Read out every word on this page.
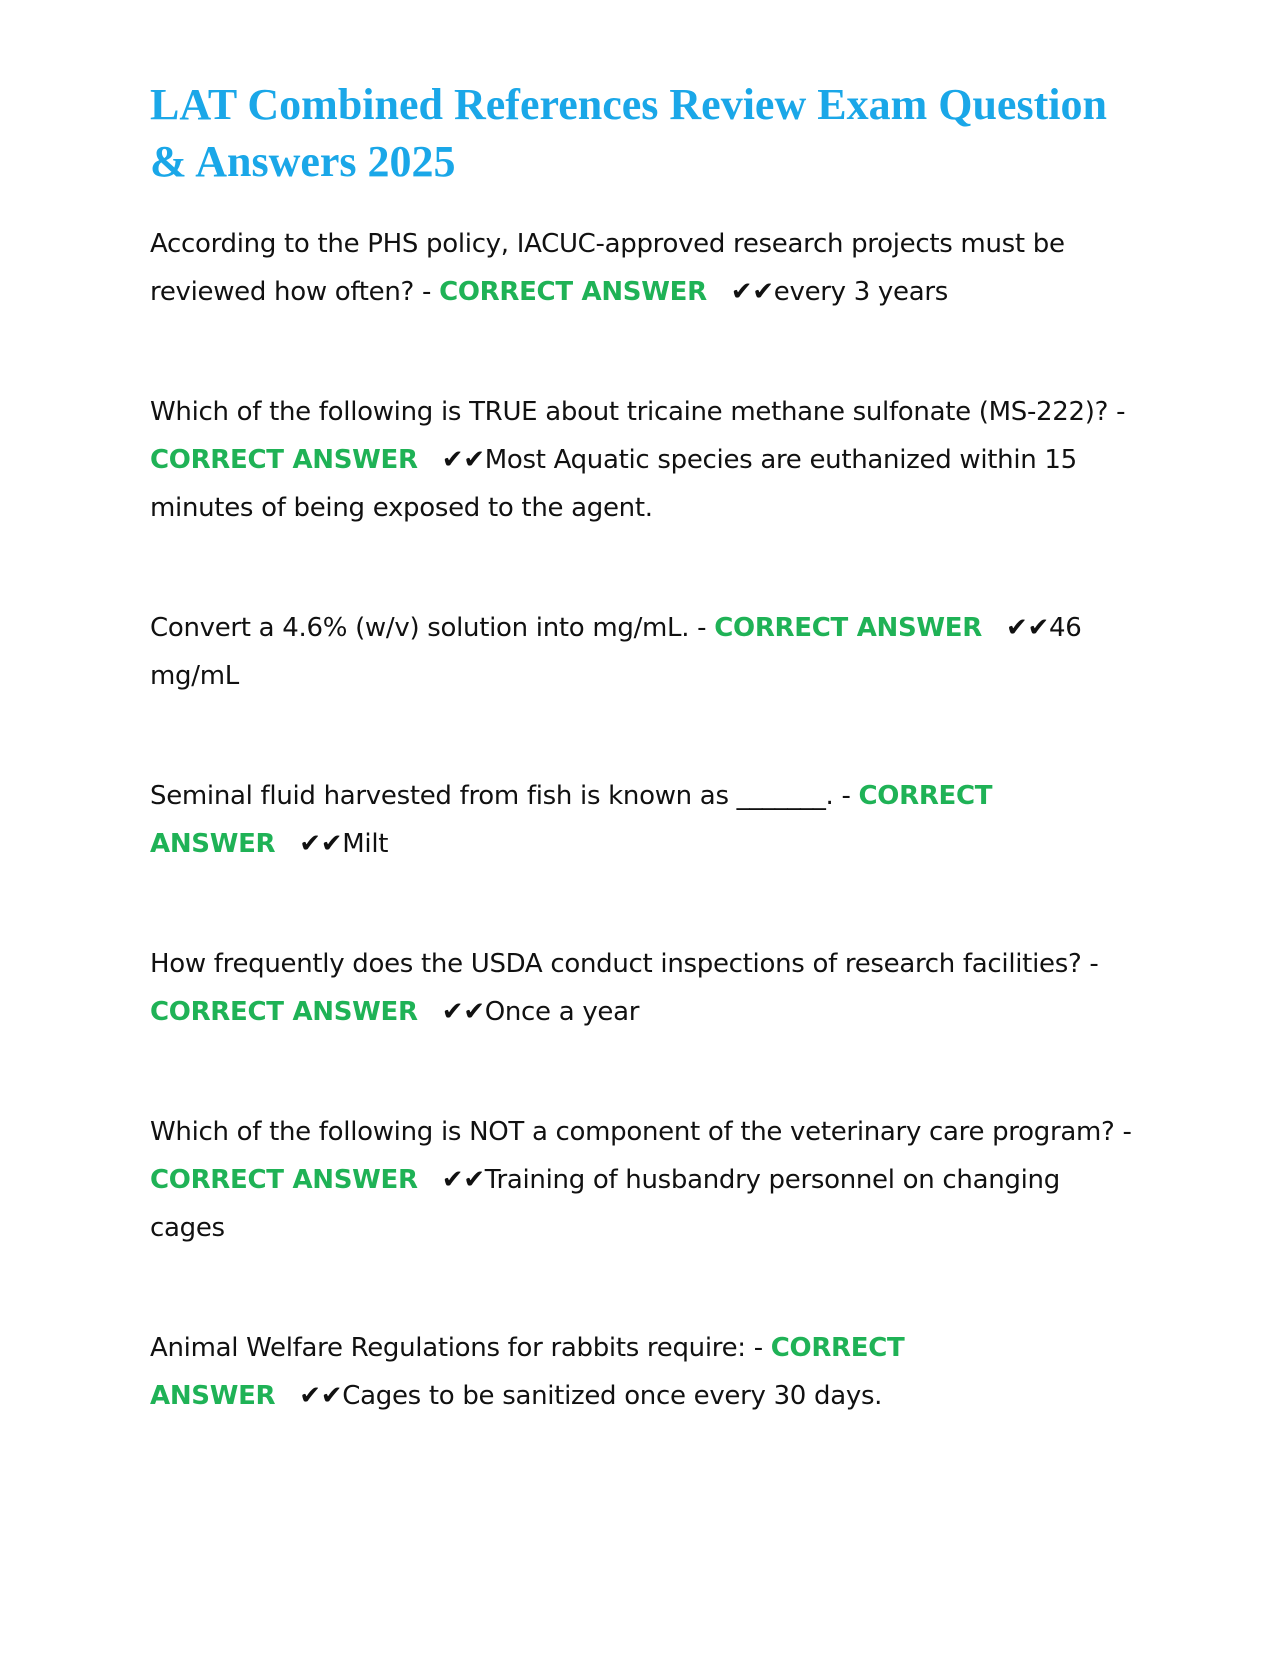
LAT Combined References Review Exam Question & Answers 2025

According to the PHS policy, IACUC-approved research projects must be reviewed how often? - CORRECT ANSWER ✔✔every 3 years

Which of the following is TRUE about tricaine methane sulfonate (MS-222)? - CORRECT ANSWER ✔✔Most Aquatic species are euthanized within 15 minutes of being exposed to the agent.

Convert a 4.6% (w/v) solution into mg/mL. - CORRECT ANSWER ✔✔46 mg/mL

Seminal fluid harvested from fish is known as _______. - CORRECT ANSWER ✔✔Milt

How frequently does the USDA conduct inspections of research facilities? - CORRECT ANSWER ✔✔Once a year

Which of the following is NOT a component of the veterinary care program? - CORRECT ANSWER ✔✔Training of husbandry personnel on changing cages

Animal Welfare Regulations for rabbits require: - CORRECT ANSWER ✔✔Cages to be sanitized once every 30 days.
